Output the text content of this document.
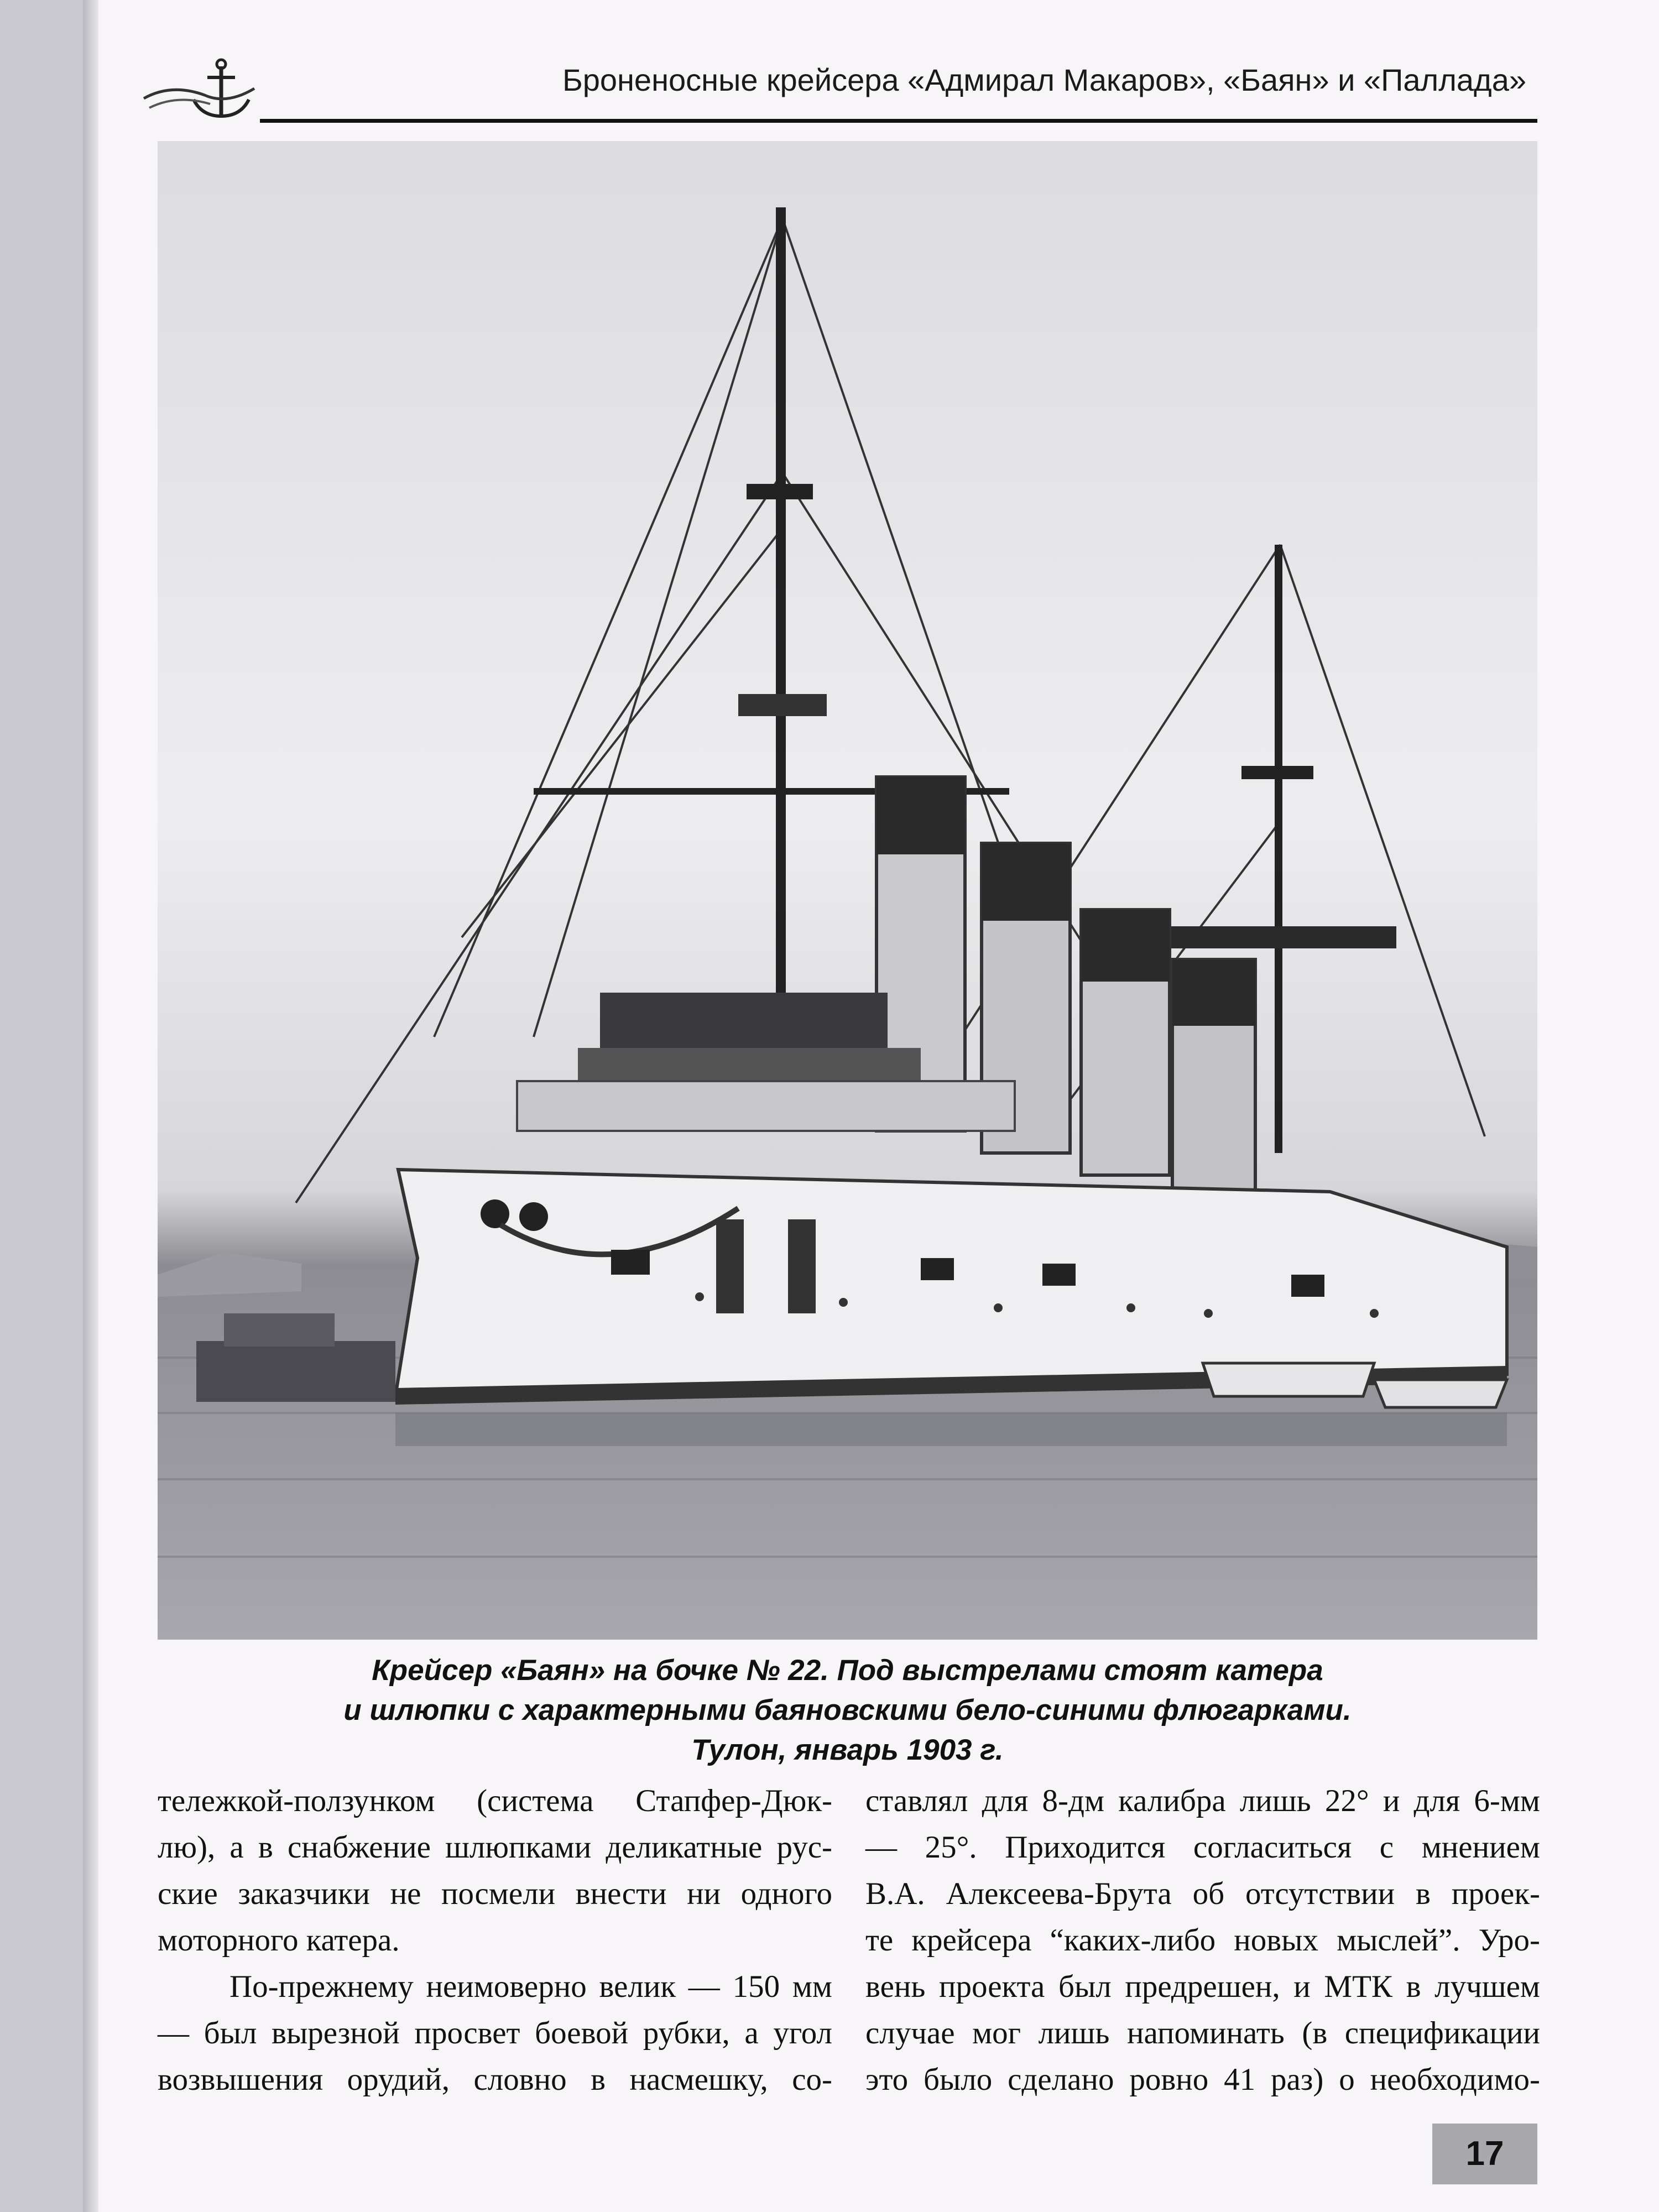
Броненосные крейсера «Адмирал Макаров», «Баян» и «Паллада»
Крейсер «Баян» на бочке № 22. Под выстрелами стоят катера
и шлюпки с характерными баяновскими бело-синими флюгарками.
Тулон, январь 1903 г.
тележкой-ползунком (система Стапфер-Дюк-
лю), а в снабжение шлюпками деликатные рус-
ские заказчики не посмели внести ни одного
моторного катера.
По-прежнему неимоверно велик — 150 мм
— был вырезной просвет боевой рубки, а угол
возвышения орудий, словно в насмешку, со-
ставлял для 8-дм калибра лишь 22° и для 6-мм
— 25°. Приходится согласиться с мнением
В.А. Алексеева-Брута об отсутствии в проек-
те крейсера “каких-либо новых мыслей”. Уро-
вень проекта был предрешен, и МТК в лучшем
случае мог лишь напоминать (в спецификации
это было сделано ровно 41 раз) о необходимо-
17
